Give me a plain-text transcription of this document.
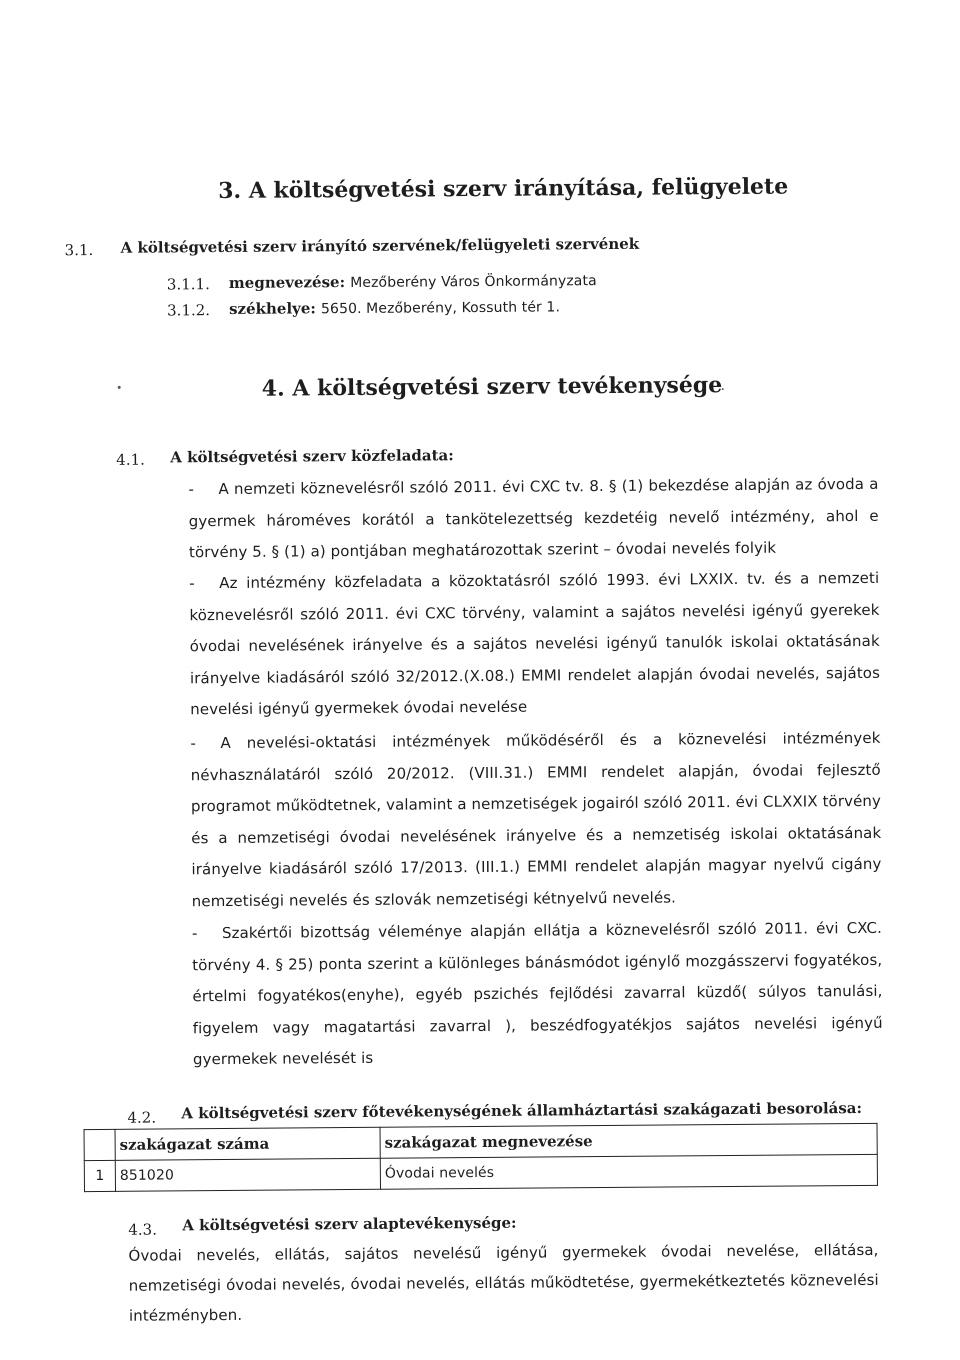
3. A költségvetési szerv irányítása, felügyelete
3.1. A költségvetési szerv irányító szervének/felügyeleti szervének
3.1.1. megnevezése: Mezőberény Város Önkormányzata
3.1.2. székhelye: 5650. Mezőberény, Kossuth tér 1.
4. A költségvetési szerv tevékenysége
4.1. A költségvetési szerv közfeladata:
- A nemzeti köznevelésről szóló 2011. évi CXC tv. 8. § (1) bekezdése alapján az óvoda a gyermek hároméves korától a tankötelezettség kezdetéig nevelő intézmény, ahol e törvény 5. § (1) a) pontjában meghatározottak szerint – óvodai nevelés folyik
- Az intézmény közfeladata a közoktatásról szóló 1993. évi LXXIX. tv. és a nemzeti köznevelésről szóló 2011. évi CXC törvény, valamint a sajátos nevelési igényű gyerekek óvodai nevelésének irányelve és a sajátos nevelési igényű tanulók iskolai oktatásának irányelve kiadásáról szóló 32/2012.(X.08.) EMMI rendelet alapján óvodai nevelés, sajátos nevelési igényű gyermekek óvodai nevelése
- A nevelési-oktatási intézmények működéséről és a köznevelési intézmények névhasználatáról szóló 20/2012. (VIII.31.) EMMI rendelet alapján, óvodai fejlesztő programot működtetnek, valamint a nemzetiségek jogairól szóló 2011. évi CLXXIX törvény és a nemzetiségi óvodai nevelésének irányelve és a nemzetiség iskolai oktatásának irányelve kiadásáról szóló 17/2013. (III.1.) EMMI rendelet alapján magyar nyelvű cigány nemzetiségi nevelés és szlovák nemzetiségi kétnyelvű nevelés.
- Szakértői bizottság véleménye alapján ellátja a köznevelésről szóló 2011. évi CXC. törvény 4. § 25) ponta szerint a különleges bánásmódot igénylő mozgásszervi fogyatékos, értelmi fogyatékos(enyhe), egyéb pszichés fejlődési zavarral küzdő( súlyos tanulási, figyelem vagy magatartási zavarral ), beszédfogyatékjos sajátos nevelési igényű gyermekek nevelését is
4.2. A költségvetési szerv főtevékenységének államháztartási szakágazati besorolása:
	szakágazat száma	szakágazat megnevezése
1	851020	Óvodai nevelés
4.3. A költségvetési szerv alaptevékenysége:
Óvodai nevelés, ellátás, sajátos nevelésű igényű gyermekek óvodai nevelése, ellátása, nemzetiségi óvodai nevelés, óvodai nevelés, ellátás működtetése, gyermekétkeztetés köznevelési intézményben.
